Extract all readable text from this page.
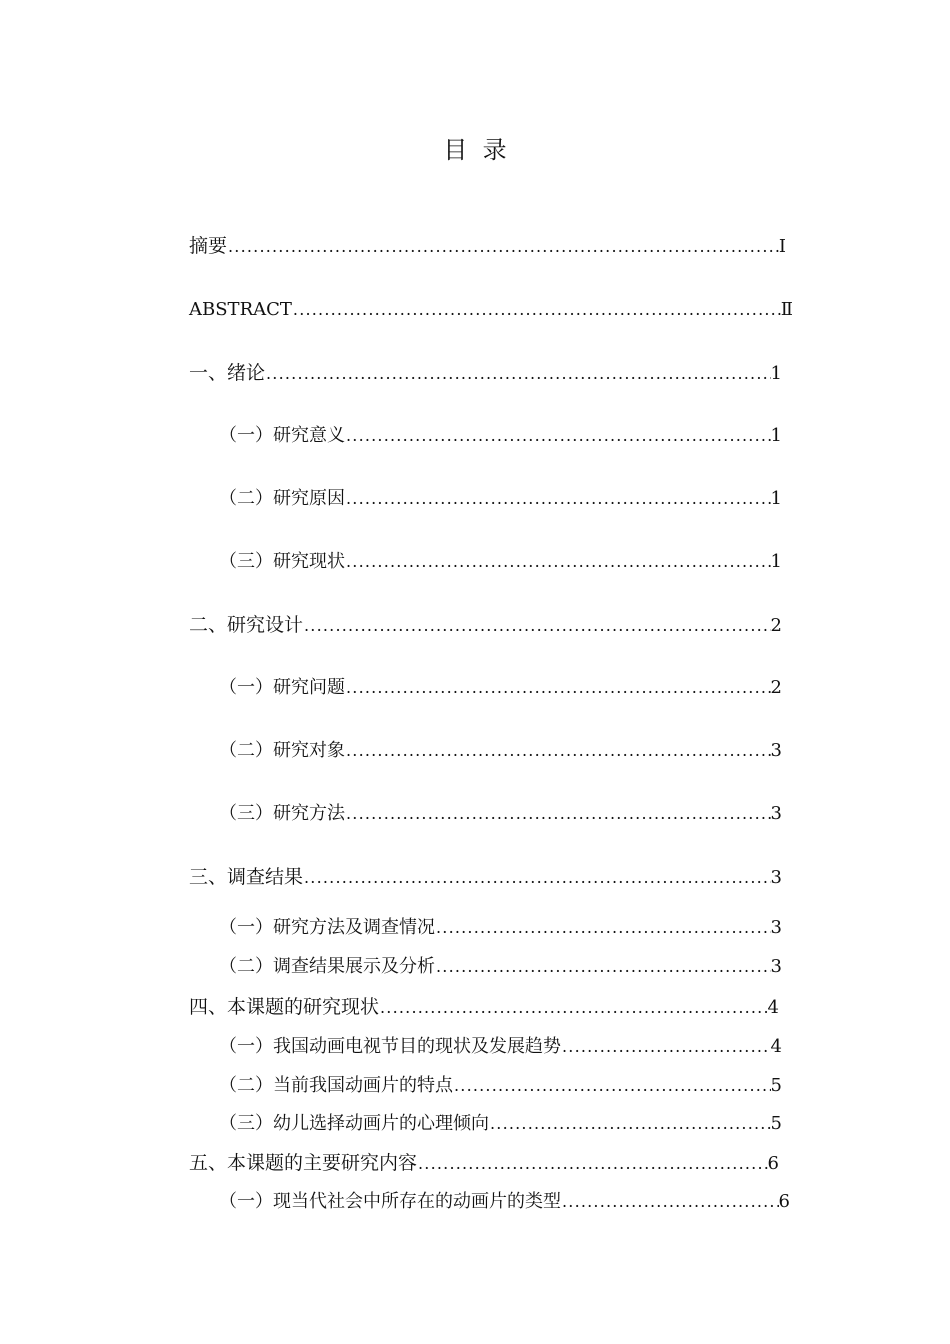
目  录
摘要 .....	Ⅰ
ABSTRACT .....	Ⅱ
一、绪论 .....	1
（一）研究意义 .....	1
（二）研究原因 .....	1
（三）研究现状 .....	1
二、研究设计 .....	2
（一）研究问题 .....	2
（二）研究对象 .....	3
（三）研究方法 .....	3
三、调查结果 .....	3
（一）研究方法及调查情况 .....	3
（二）调查结果展示及分析 .....	3
四、本课题的研究现状 .....	4
（一）我国动画电视节目的现状及发展趋势 .....	4
（二）当前我国动画片的特点 .....	5
（三）幼儿选择动画片的心理倾向 .....	5
五、本课题的主要研究内容 .....	6
（一）现当代社会中所存在的动画片的类型 .....	6
